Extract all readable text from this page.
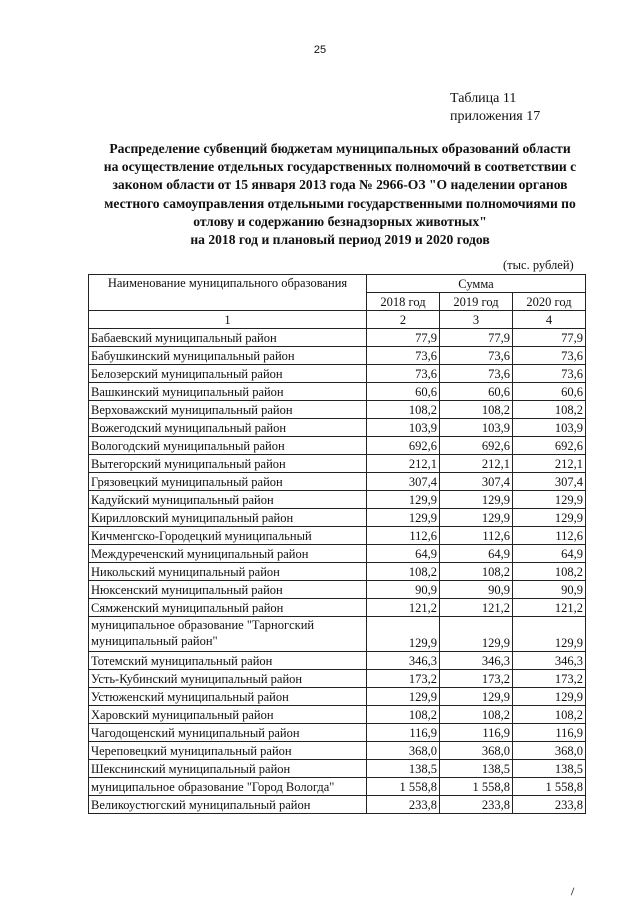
25
Таблица 11
приложения 17
Распределение субвенций бюджетам муниципальных образований области
на осуществление отдельных государственных полномочий в соответствии с
законом области от 15 января 2013 года № 2966-ОЗ "О наделении органов
местного самоуправления отдельными государственными полномочиями по
отлову и содержанию безнадзорных животных"
на 2018 год и плановый период 2019 и 2020 годов
(тыс. рублей)
Наименование муниципального образования	Сумма		
	2018 год	2019 год	2020 год
1	2	3	4
Бабаевский муниципальный район	77,9	77,9	77,9
Бабушкинский муниципальный район	73,6	73,6	73,6
Белозерский муниципальный район	73,6	73,6	73,6
Вашкинский муниципальный район	60,6	60,6	60,6
Верховажский муниципальный район	108,2	108,2	108,2
Вожегодский муниципальный район	103,9	103,9	103,9
Вологодский муниципальный район	692,6	692,6	692,6
Вытегорский муниципальный район	212,1	212,1	212,1
Грязовецкий муниципальный район	307,4	307,4	307,4
Кадуйский муниципальный район	129,9	129,9	129,9
Кирилловский муниципальный район	129,9	129,9	129,9
Кичменгско-Городецкий муниципальный	112,6	112,6	112,6
Междуреченский муниципальный район	64,9	64,9	64,9
Никольский муниципальный район	108,2	108,2	108,2
Нюксенский муниципальный район	90,9	90,9	90,9
Сямженский муниципальный район	121,2	121,2	121,2
муниципальное образование "Тарногский муниципальный район"	129,9	129,9	129,9
Тотемский муниципальный район	346,3	346,3	346,3
Усть-Кубинский муниципальный район	173,2	173,2	173,2
Устюженский муниципальный район	129,9	129,9	129,9
Харовский муниципальный район	108,2	108,2	108,2
Чагодощенский муниципальный район	116,9	116,9	116,9
Череповецкий муниципальный район	368,0	368,0	368,0
Шекснинский муниципальный район	138,5	138,5	138,5
муниципальное образование "Город Вологда"	1 558,8	1 558,8	1 558,8
Великоустюгский муниципальный район	233,8	233,8	233,8
